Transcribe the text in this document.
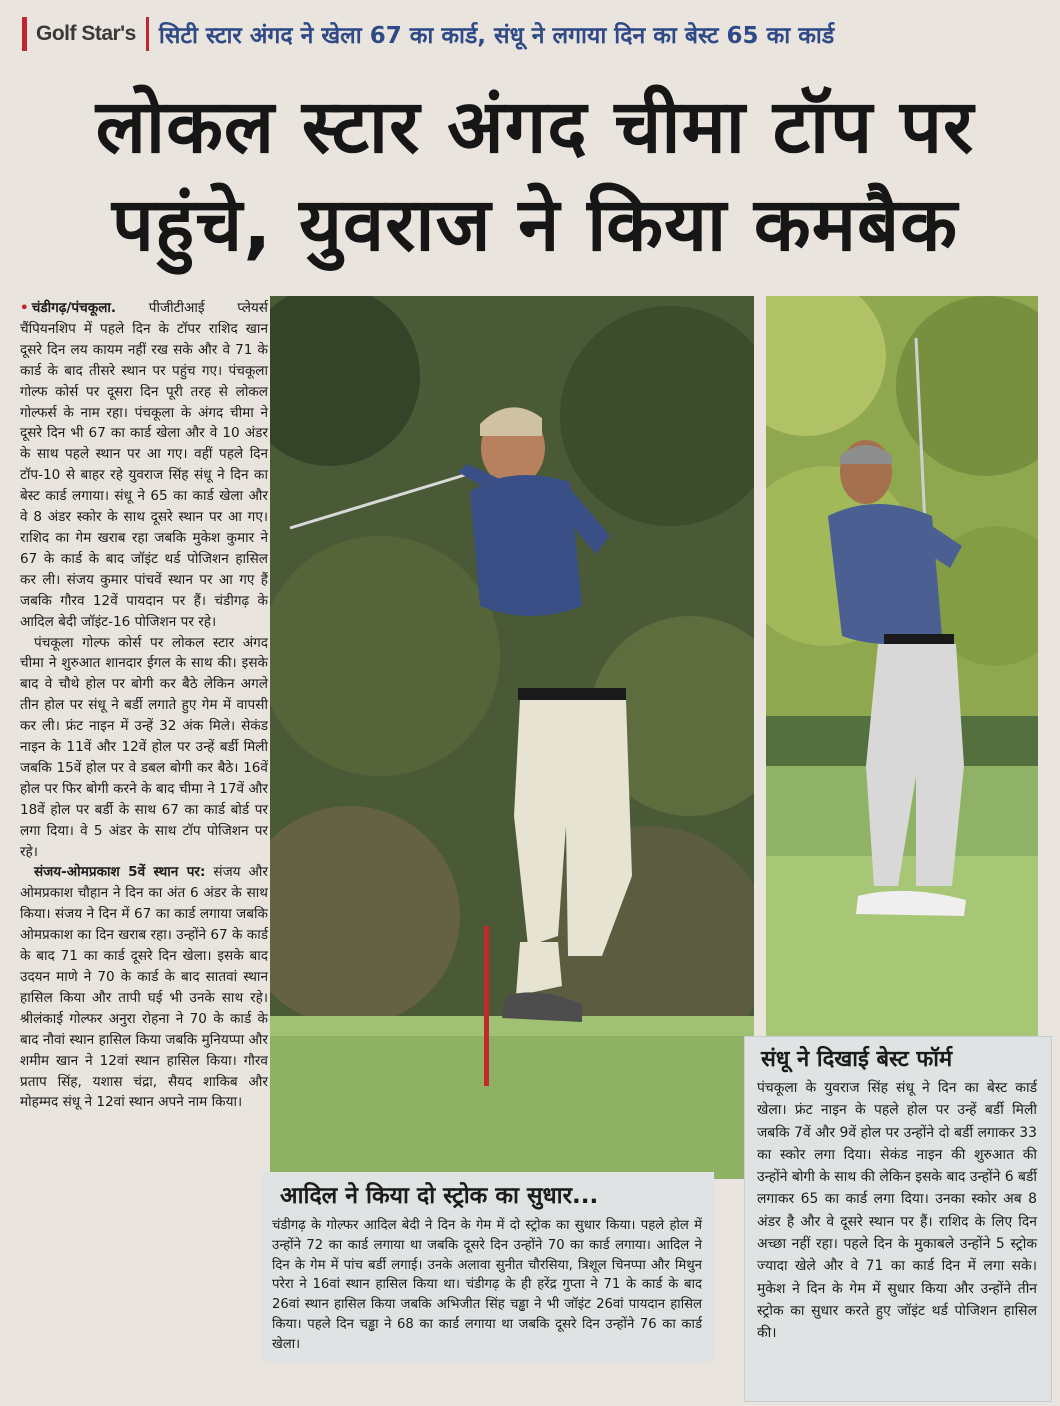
Golf Star's सिटी स्टार अंगद ने खेला 67 का कार्ड, संधू ने लगाया दिन का बेस्ट 65 का कार्ड
लोकल स्टार अंगद चीमा टॉप पर
पहुंचे, युवराज ने किया कमबैक

• चंडीगढ़/पंचकूला. पीजीटीआई प्लेयर्स चैंपियनशिप में पहले दिन के टॉपर राशिद खान दूसरे दिन लय कायम नहीं रख सके और वे 71 के कार्ड के बाद तीसरे स्थान पर पहुंच गए। पंचकूला गोल्फ कोर्स पर दूसरा दिन पूरी तरह से लोकल गोल्फर्स के नाम रहा। पंचकूला के अंगद चीमा ने दूसरे दिन भी 67 का कार्ड खेला और वे 10 अंडर के साथ पहले स्थान पर आ गए। वहीं पहले दिन टॉप-10 से बाहर रहे युवराज सिंह संधू ने दिन का बेस्ट कार्ड लगाया। संधू ने 65 का कार्ड खेला और वे 8 अंडर स्कोर के साथ दूसरे स्थान पर आ गए। राशिद का गेम खराब रहा जबकि मुकेश कुमार ने 67 के कार्ड के बाद जॉइंट थर्ड पोजिशन हासिल कर ली। संजय कुमार पांचवें स्थान पर आ गए हैं जबकि गौरव 12वें पायदान पर हैं। चंडीगढ़ के आदिल बेदी जॉइंट-16 पोजिशन पर रहे।

पंचकूला गोल्फ कोर्स पर लोकल स्टार अंगद चीमा ने शुरुआत शानदार ईगल के साथ की। इसके बाद वे चौथे होल पर बोगी कर बैठे लेकिन अगले तीन होल पर संधू ने बर्डी लगाते हुए गेम में वापसी कर ली। फ्रंट नाइन में उन्हें 32 अंक मिले। सेकंड नाइन के 11वें और 12वें होल पर उन्हें बर्डी मिली जबकि 15वें होल पर वे डबल बोगी कर बैठे। 16वें होल पर फिर बोगी करने के बाद चीमा ने 17वें और 18वें होल पर बर्डी के साथ 67 का कार्ड बोर्ड पर लगा दिया। वे 5 अंडर के साथ टॉप पोजिशन पर रहे।

संजय-ओमप्रकाश 5वें स्थान पर: संजय और ओमप्रकाश चौहान ने दिन का अंत 6 अंडर के साथ किया। संजय ने दिन में 67 का कार्ड लगाया जबकि ओमप्रकाश का दिन खराब रहा। उन्होंने 67 के कार्ड के बाद 71 का कार्ड दूसरे दिन खेला। इसके बाद उदयन माणे ने 70 के कार्ड के बाद सातवां स्थान हासिल किया और तापी घई भी उनके साथ रहे। श्रीलंकाई गोल्फर अनुरा रोहना ने 70 के कार्ड के बाद नौवां स्थान हासिल किया जबकि मुनियप्पा और शमीम खान ने 12वां स्थान हासिल किया। गौरव प्रताप सिंह, यशास चंद्रा, सैयद शाकिब और मोहम्मद संधू ने 12वां स्थान अपने नाम किया।

संधू ने दिखाई बेस्ट फॉर्म

पंचकूला के युवराज सिंह संधू ने दिन का बेस्ट कार्ड खेला। फ्रंट नाइन के पहले होल पर उन्हें बर्डी मिली जबकि 7वें और 9वें होल पर उन्होंने दो बर्डी लगाकर 33 का स्कोर लगा दिया। सेकंड नाइन की शुरुआत की उन्होंने बोगी के साथ की लेकिन इसके बाद उन्होंने 6 बर्डी लगाकर 65 का कार्ड लगा दिया। उनका स्कोर अब 8 अंडर है और वे दूसरे स्थान पर हैं। राशिद के लिए दिन अच्छा नहीं रहा। पहले दिन के मुकाबले उन्होंने 5 स्ट्रोक ज्यादा खेले और वे 71 का कार्ड दिन में लगा सके। मुकेश ने दिन के गेम में सुधार किया और उन्होंने तीन स्ट्रोक का सुधार करते हुए जॉइंट थर्ड पोजिशन हासिल की।

आदिल ने किया दो स्ट्रोक का सुधार...

चंडीगढ़ के गोल्फर आदिल बेदी ने दिन के गेम में दो स्ट्रोक का सुधार किया। पहले होल में उन्होंने 72 का कार्ड लगाया था जबकि दूसरे दिन उन्होंने 70 का कार्ड लगाया। आदिल ने दिन के गेम में पांच बर्डी लगाई। उनके अलावा सुनीत चौरसिया, त्रिशूल चिनप्पा और मिथुन परेरा ने 16वां स्थान हासिल किया था। चंडीगढ़ के ही हरेंद्र गुप्ता ने 71 के कार्ड के बाद 26वां स्थान हासिल किया जबकि अभिजीत सिंह चड्ढा ने भी जॉइंट 26वां पायदान हासिल किया। पहले दिन चड्ढा ने 68 का कार्ड लगाया था जबकि दूसरे दिन उन्होंने 76 का कार्ड खेला।
